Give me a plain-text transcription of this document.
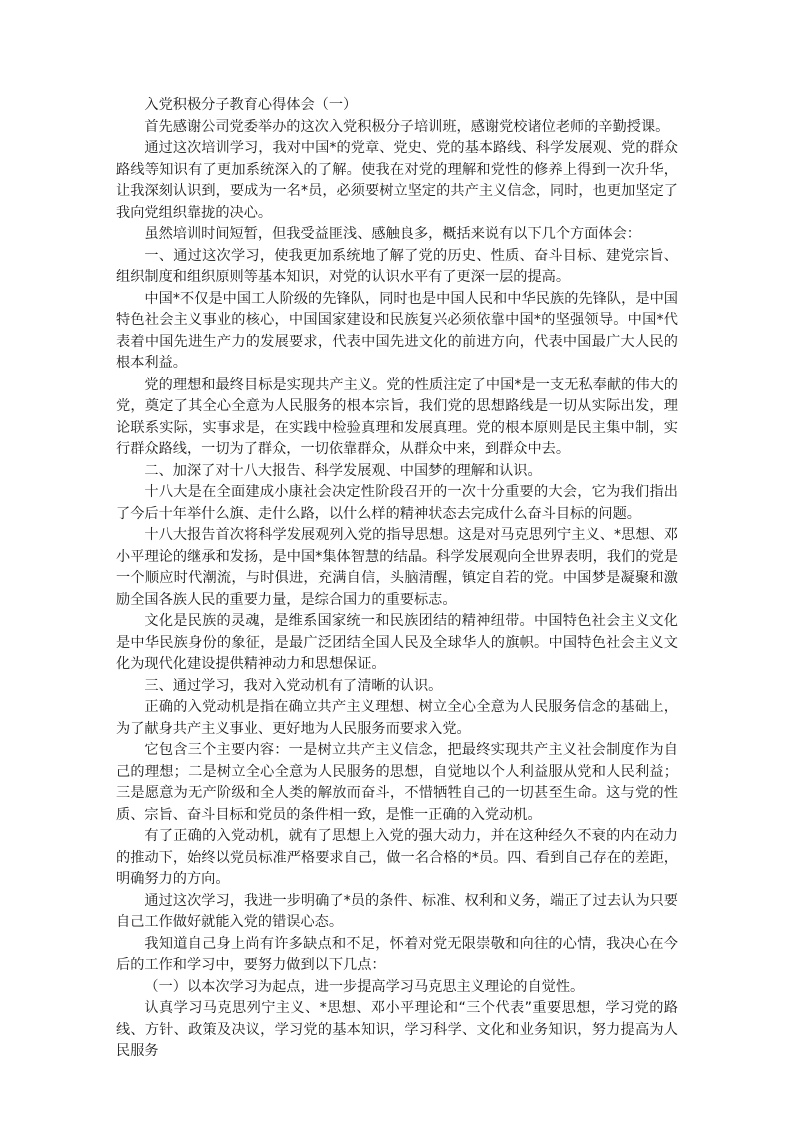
入党积极分子教育心得体会（一）

首先感谢公司党委举办的这次入党积极分子培训班，感谢党校诸位老师的辛勤授课。

通过这次培训学习，我对中国*的党章、党史、党的基本路线、科学发展观、党的群众路线等知识有了更加系统深入的了解。使我在对党的理解和党性的修养上得到一次升华，让我深刻认识到，要成为一名*员，必须要树立坚定的共产主义信念，同时，也更加坚定了我向党组织靠拢的决心。

虽然培训时间短暂，但我受益匪浅、感触良多，概括来说有以下几个方面体会：

一、通过这次学习，使我更加系统地了解了党的历史、性质、奋斗目标、建党宗旨、组织制度和组织原则等基本知识，对党的认识水平有了更深一层的提高。

中国*不仅是中国工人阶级的先锋队，同时也是中国人民和中华民族的先锋队，是中国特色社会主义事业的核心，中国国家建设和民族复兴必须依靠中国*的坚强领导。中国*代表着中国先进生产力的发展要求，代表中国先进文化的前进方向，代表中国最广大人民的根本利益。

党的理想和最终目标是实现共产主义。党的性质注定了中国*是一支无私奉献的伟大的党，奠定了其全心全意为人民服务的根本宗旨，我们党的思想路线是一切从实际出发，理论联系实际，实事求是，在实践中检验真理和发展真理。党的根本原则是民主集中制，实行群众路线，一切为了群众，一切依靠群众，从群众中来，到群众中去。

二、加深了对十八大报告、科学发展观、中国梦的理解和认识。

十八大是在全面建成小康社会决定性阶段召开的一次十分重要的大会，它为我们指出了今后十年举什么旗、走什么路，以什么样的精神状态去完成什么奋斗目标的问题。

十八大报告首次将科学发展观列入党的指导思想。这是对马克思列宁主义、*思想、邓小平理论的继承和发扬，是中国*集体智慧的结晶。科学发展观向全世界表明，我们的党是一个顺应时代潮流，与时俱进，充满自信，头脑清醒，镇定自若的党。中国梦是凝聚和激励全国各族人民的重要力量，是综合国力的重要标志。

文化是民族的灵魂，是维系国家统一和民族团结的精神纽带。中国特色社会主义文化是中华民族身份的象征，是最广泛团结全国人民及全球华人的旗帜。中国特色社会主义文化为现代化建设提供精神动力和思想保证。

三、通过学习，我对入党动机有了清晰的认识。

正确的入党动机是指在确立共产主义理想、树立全心全意为人民服务信念的基础上，为了献身共产主义事业、更好地为人民服务而要求入党。

它包含三个主要内容：一是树立共产主义信念，把最终实现共产主义社会制度作为自己的理想；二是树立全心全意为人民服务的思想，自觉地以个人利益服从党和人民利益；三是愿意为无产阶级和全人类的解放而奋斗，不惜牺牲自己的一切甚至生命。这与党的性质、宗旨、奋斗目标和党员的条件相一致，是惟一正确的入党动机。

有了正确的入党动机，就有了思想上入党的强大动力，并在这种经久不衰的内在动力的推动下，始终以党员标准严格要求自己，做一名合格的*员。四、看到自己存在的差距，明确努力的方向。

通过这次学习，我进一步明确了*员的条件、标准、权利和义务，端正了过去认为只要自己工作做好就能入党的错误心态。

我知道自己身上尚有许多缺点和不足，怀着对党无限崇敬和向往的心情，我决心在今后的工作和学习中，要努力做到以下几点：

（一）以本次学习为起点，进一步提高学习马克思主义理论的自觉性。

认真学习马克思列宁主义、*思想、邓小平理论和“三个代表”重要思想，学习党的路线、方针、政策及决议，学习党的基本知识，学习科学、文化和业务知识，努力提高为人民服务
